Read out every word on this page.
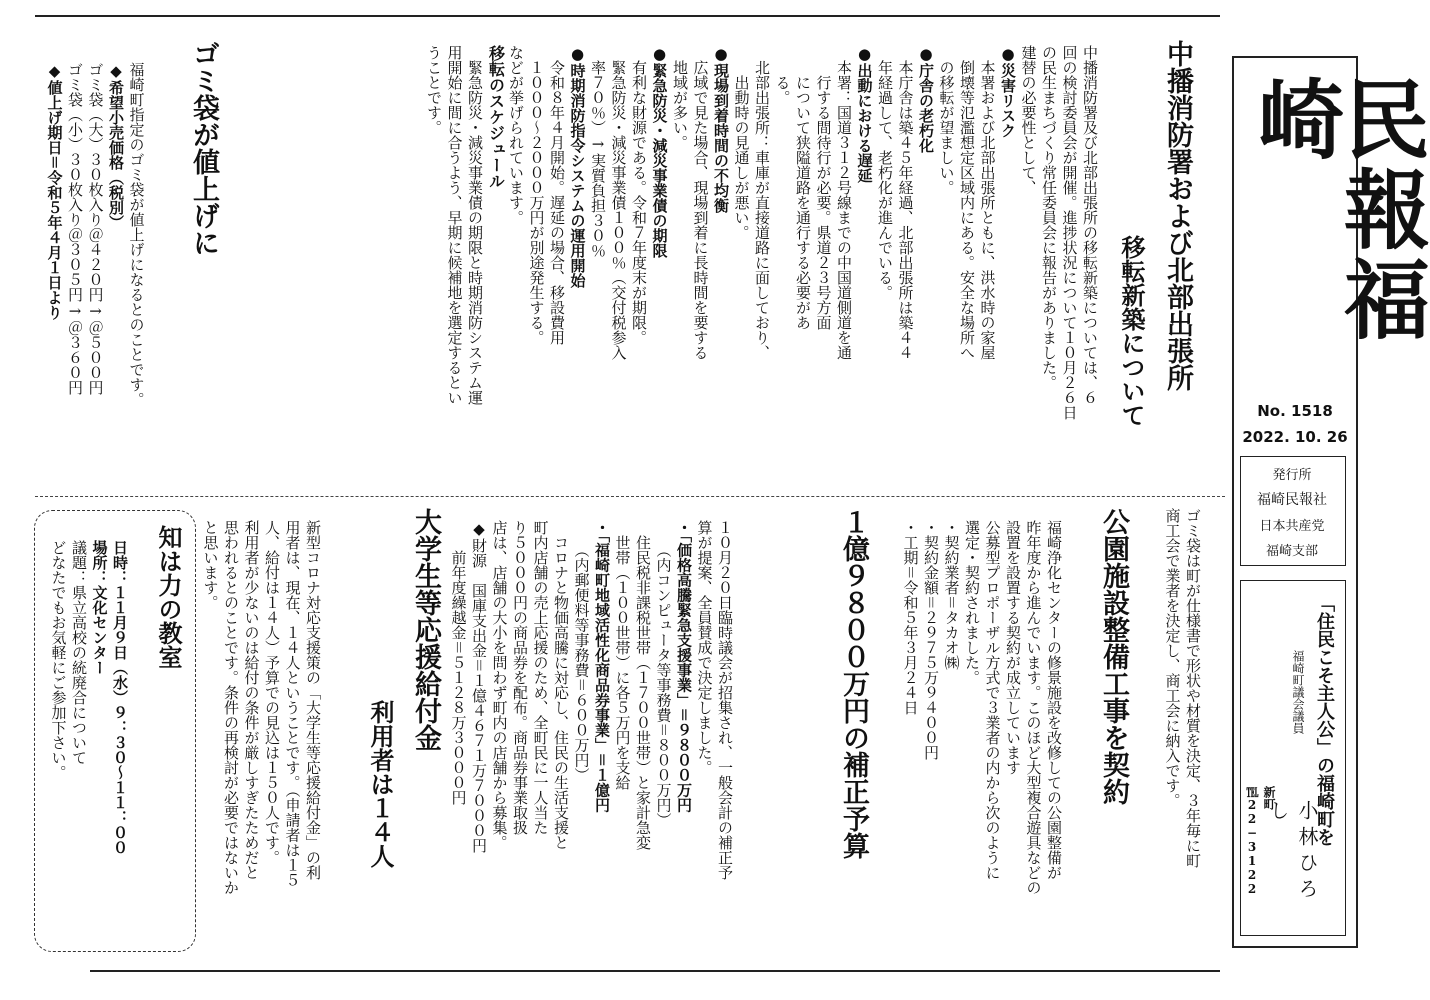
民報福崎
No. 1518
2022. 10. 26
発行所
福崎民報社
日本共産党
福崎支部
「住民こそ主人公」の福崎町を
福崎町議会議員
小林ひろし
新町 ℡22−3122
中播消防署および北部出張所
移転新築について

中播消防署及び北部出張所の移転新築については、６

回の検討委員会が開催。進捗状況について１０月２６日

の民生まちづくり常任委員会に報告がありました。

建替の必要性として、

●災害リスク

　本署および北部出張所ともに、洪水時の家屋

　倒壊等氾濫想定区域内にある。安全な場所へ

　の移転が望ましい。

●庁舎の老朽化

　本庁舎は築４５年経過、北部出張所は築４４

　年経過して、老朽化が進んでいる。

●出動における遅延

　本署：国道３１２号線までの中国道側道を通

　　行する間待行が必要。県道２３号方面

　　について狭隘道路を通行する必要があ

　　る。

　北部出張所：車庫が直接道路に面しており、

　　出動時の見通しが悪い。

●現場到着時間の不均衡

　広域で見た場合、現場到着に長時間を要する

　地域が多い。

●緊急防災・減災事業債の期限

　有利な財源である。令和７年度末が期限。

　緊急防災・減災事業債１００％（交付税参入

　率７０％）→実質負担３０％

●時期消防指令システムの運用開始

　令和８年４月開始。遅延の場合、移設費用

　１０００～２０００万円が別途発生する。

などが挙げられています。

移転のスケジュール

　緊急防災・減災事業債の期限と時期消防システム運

用開始に間に合うよう、早期に候補地を選定するとい

うことです。

ゴミ袋が値上げに

福崎町指定のゴミ袋が値上げになるとのことです。

◆希望小売価格（税別）

ゴミ袋（大）３０枚入り＠４２０円→＠５００円

ゴミ袋（小）３０枚入り＠３０５円→＠３６０円

◆値上げ期日＝令和５年４月１日より

ゴミ袋は町が仕様書で形状や材質を決定、３年毎に町

商工会で業者を決定し、商工会に納入です。

公園施設整備工事を契約

福崎浄化センターの修景施設を改修しての公園整備が

昨年度から進んでいます。このほど大型複合遊具などの

設置を設置する契約が成立しています

公募型プロポーザル方式で３業者の内から次のように

選定・契約されました。

・契約業者＝タカオ㈱

・契約金額＝２９７５万９４００円

・工期＝令和５年３月２４日

１億９８００万円の補正予算

１０月２０日臨時議会が招集され、一般会計の補正予

算が提案、全員賛成で決定しました。

・「価格高騰緊急支援事業」＝９８００万円

　　（内コンピュータ等事務費＝８００万円）

　住民税非課税世帯（１７００世帯）と家計急変

　世帯（１００世帯）に各５万円を支給

・「福崎町地域活性化商品券事業」＝１億円

　　（内郵便料等事務費＝６００万円）

　コロナと物価高騰に対応し、住民の生活支援と

町内店舗の売上応援のため、全町民に一人当た

り５０００円の商品券を配布。商品券事業取扱

店は、店舗の大小を問わず町内の店舗から募集。

◆財源　国庫支出金＝１億４６７１万７０００円

　　前年度繰越金＝５１２８万３０００円

大学生等応援給付金
利用者は１４人

新型コロナ対応支援策の「大学生等応援給付金」の利

用者は、現在、１４人ということです。（申請者は１５

人、給付は１４人）予算での見込は１５０人です。

利用者が少ないのは給付の条件が厳しすぎたためだと

思われるとのことです。条件の再検討が必要ではないか

と思います。

知は力の教室

日時：１１月９日（水）９：３０～１１：００

場所：文化センター

議題：県立高校の統廃合について

どなたでもお気軽にご参加下さい。
